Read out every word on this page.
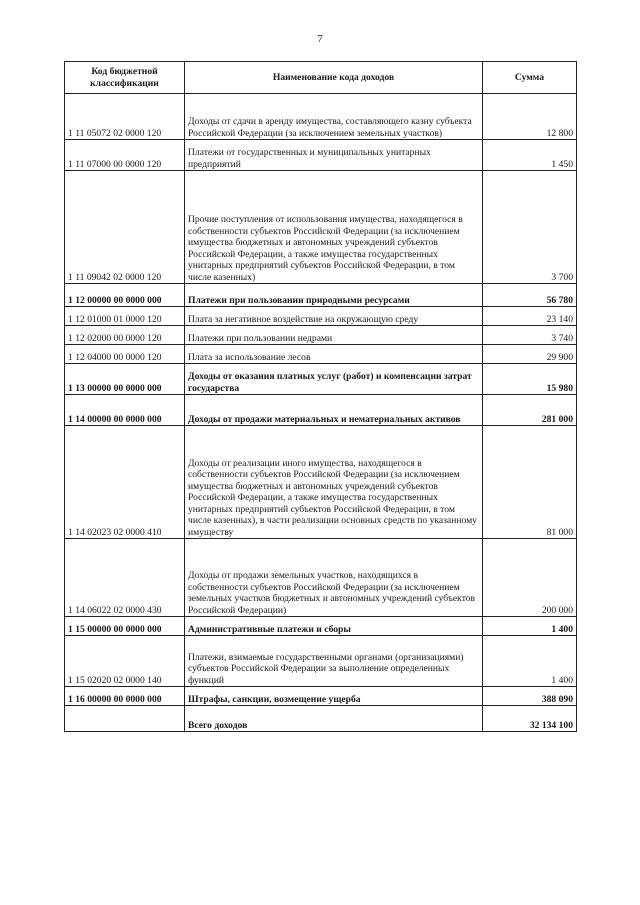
7
Код бюджетной классификации	Наименование кода доходов	Сумма
1 11 05072 02 0000 120	Доходы от сдачи в аренду имущества, составляющего казну субъекта Российской Федерации (за исключением земельных участков)	12 800
1 11 07000 00 0000 120	Платежи от государственных и муниципальных унитарных предприятий	1 450
1 11 09042 02 0000 120	Прочие поступления от использования имущества, находящегося в собственности субъектов Российской Федерации (за исключением имущества бюджетных и автономных учреждений субъектов Российской Федерации, а также имущества государственных унитарных предприятий субъектов Российской Федерации, в том числе казенных)	3 700
1 12 00000 00 0000 000	Платежи при пользовании природными ресурсами	56 780
1 12 01000 01 0000 120	Плата за негативное воздействие на окружающую среду	23 140
1 12 02000 00 0000 120	Платежи при пользовании недрами	3 740
1 12 04000 00 0000 120	Плата за использование лесов	29 900
1 13 00000 00 0000 000	Доходы от оказания платных услуг (работ) и компенсации затрат государства	15 980
1 14 00000 00 0000 000	Доходы от продажи материальных и нематериальных активов	281 000
1 14 02023 02 0000 410	Доходы от реализации иного имущества, находящегося в собственности субъектов Российской Федерации (за исключением имущества бюджетных и автономных учреждений субъектов Российской Федерации, а также имущества государственных унитарных предприятий субъектов Российской Федерации, в том числе казенных), в части реализации основных средств по указанному имуществу	81 000
1 14 06022 02 0000 430	Доходы от продажи земельных участков, находящихся в собственности субъектов Российской Федерации (за исключением земельных участков бюджетных и автономных учреждений субъектов Российской Федерации)	200 000
1 15 00000 00 0000 000	Административные платежи и сборы	1 400
1 15 02020 02 0000 140	Платежи, взимаемые государственными органами (организациями) субъектов Российской Федерации за выполнение определенных функций	1 400
1 16 00000 00 0000 000	Штрафы, санкции, возмещение ущерба	388 090
	Всего доходов	32 134 100
